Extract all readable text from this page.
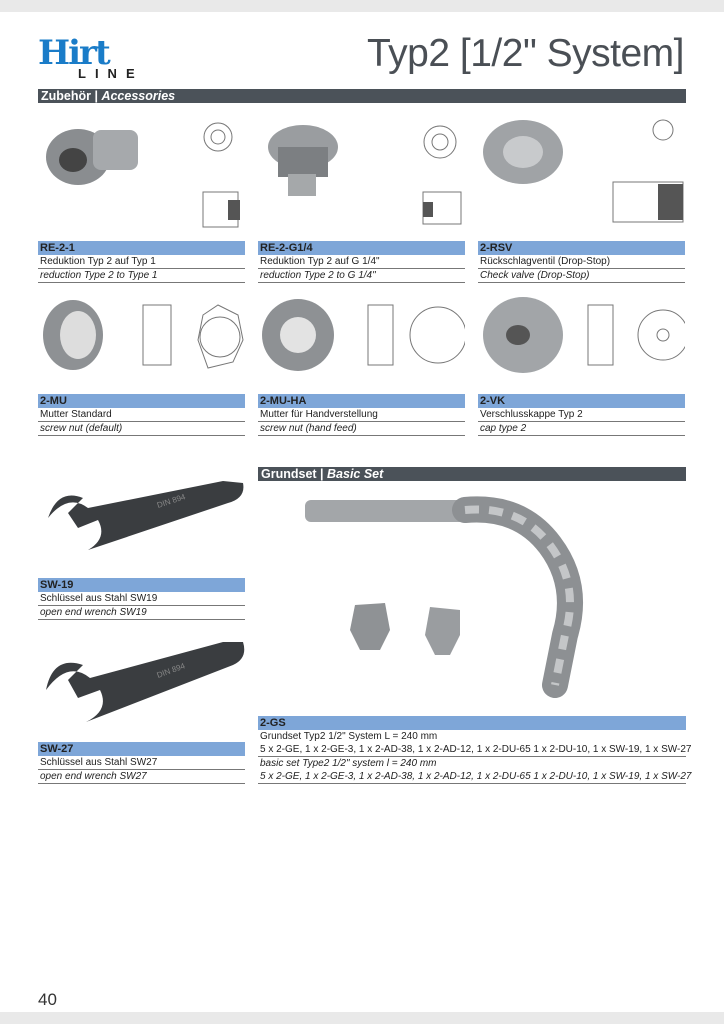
Hirt
LINE	Typ2 [1/2" System]
Zubehör | Accessories
RE-2-1
Reduktion Typ 2 auf Typ 1
reduction Type 2 to Type 1
RE-2-G1/4
Reduktion Typ 2 auf G 1/4"
reduction Type 2 to G 1/4"
2-RSV
Rückschlagventil (Drop-Stop)
Check valve (Drop-Stop)
2-MU
Mutter Standard
screw nut (default)
2-MU-HA
Mutter für Handverstellung
screw nut (hand feed)
2-VK
Verschlusskappe Typ 2
cap type 2
DIN 894
DIN 894
SW-19
Schlüssel aus Stahl SW19
open end wrench SW19
SW-27
Schlüssel aus Stahl SW27
open end wrench SW27
Grundset | Basic Set
2-GS
Grundset Typ2 1/2" System L = 240 mm
5 x 2-GE, 1 x 2-GE-3, 1 x 2-AD-38, 1 x 2-AD-12, 1 x 2-DU-65 1 x 2-DU-10, 1 x SW-19, 1 x SW-27
basic set Type2 1/2" system l = 240 mm
5 x 2-GE, 1 x 2-GE-3, 1 x 2-AD-38, 1 x 2-AD-12, 1 x 2-DU-65 1 x 2-DU-10, 1 x SW-19, 1 x SW-27
40
